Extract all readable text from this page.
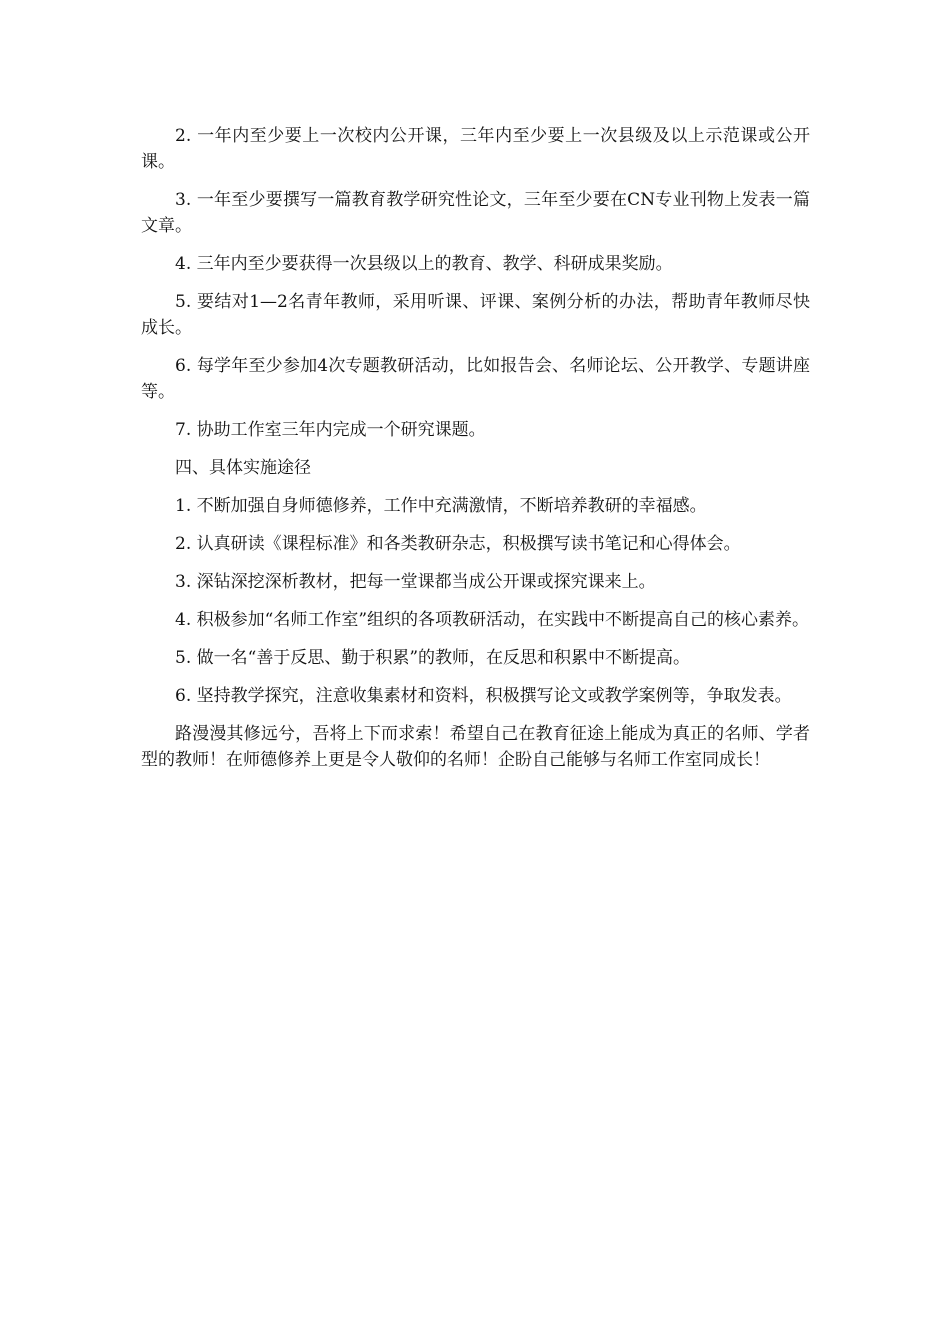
2. 一年内至少要上一次校内公开课，三年内至少要上一次县级及以上示范课或公开课。

3. 一年至少要撰写一篇教育教学研究性论文，三年至少要在CN专业刊物上发表一篇文章。

4. 三年内至少要获得一次县级以上的教育、教学、科研成果奖励。

5. 要结对1—2名青年教师，采用听课、评课、案例分析的办法，帮助青年教师尽快成长。

6. 每学年至少参加4次专题教研活动，比如报告会、名师论坛、公开教学、专题讲座等。

7. 协助工作室三年内完成一个研究课题。

四、具体实施途径

1. 不断加强自身师德修养，工作中充满激情，不断培养教研的幸福感。

2. 认真研读《课程标准》和各类教研杂志，积极撰写读书笔记和心得体会。

3. 深钻深挖深析教材，把每一堂课都当成公开课或探究课来上。

4. 积极参加“名师工作室”组织的各项教研活动，在实践中不断提高自己的核心素养。

5. 做一名“善于反思、勤于积累”的教师，在反思和积累中不断提高。

6. 坚持教学探究，注意收集素材和资料，积极撰写论文或教学案例等，争取发表。

路漫漫其修远兮，吾将上下而求索！希望自己在教育征途上能成为真正的名师、学者型的教师！在师德修养上更是令人敬仰的名师！企盼自己能够与名师工作室同成长！
